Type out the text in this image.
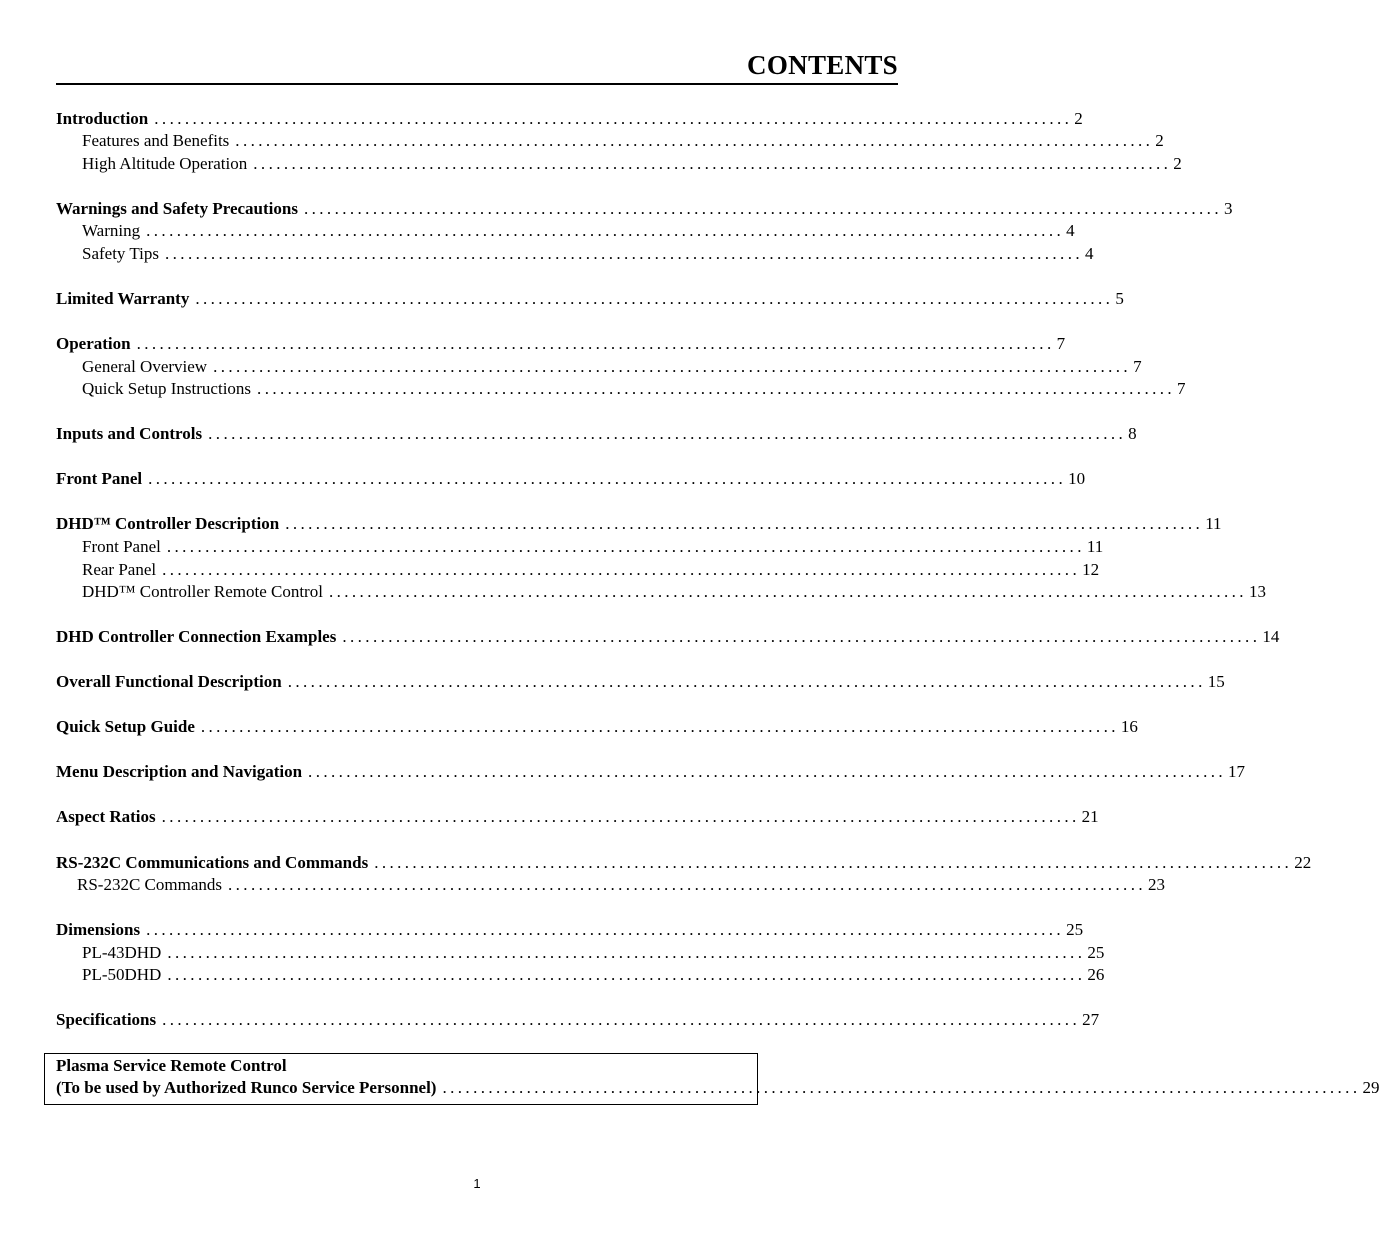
CONTENTS
Introduction ........................................................................................................................ 2
Features and Benefits ........................................................................................................................ 2
High Altitude Operation ........................................................................................................................ 2
Warnings and Safety Precautions ........................................................................................................................ 3
Warning ........................................................................................................................ 4
Safety Tips ........................................................................................................................ 4
Limited Warranty ........................................................................................................................ 5
Operation ........................................................................................................................ 7
General Overview ........................................................................................................................ 7
Quick Setup Instructions ........................................................................................................................ 7
Inputs and Controls ........................................................................................................................ 8
Front Panel ........................................................................................................................ 10
DHD™ Controller Description ........................................................................................................................ 11
Front Panel ........................................................................................................................ 11
Rear Panel ........................................................................................................................ 12
DHD™ Controller Remote Control ........................................................................................................................ 13
DHD Controller Connection Examples ........................................................................................................................ 14
Overall Functional Description ........................................................................................................................ 15
Quick Setup Guide ........................................................................................................................ 16
Menu Description and Navigation ........................................................................................................................ 17
Aspect Ratios ........................................................................................................................ 21
RS-232C Communications and Commands ........................................................................................................................ 22
RS-232C Commands ........................................................................................................................ 23
Dimensions ........................................................................................................................ 25
PL-43DHD ........................................................................................................................ 25
PL-50DHD ........................................................................................................................ 26
Specifications ........................................................................................................................ 27
Plasma Service Remote Control
(To be used by Authorized Runco Service Personnel) ........................................................................................................................ 29
1
